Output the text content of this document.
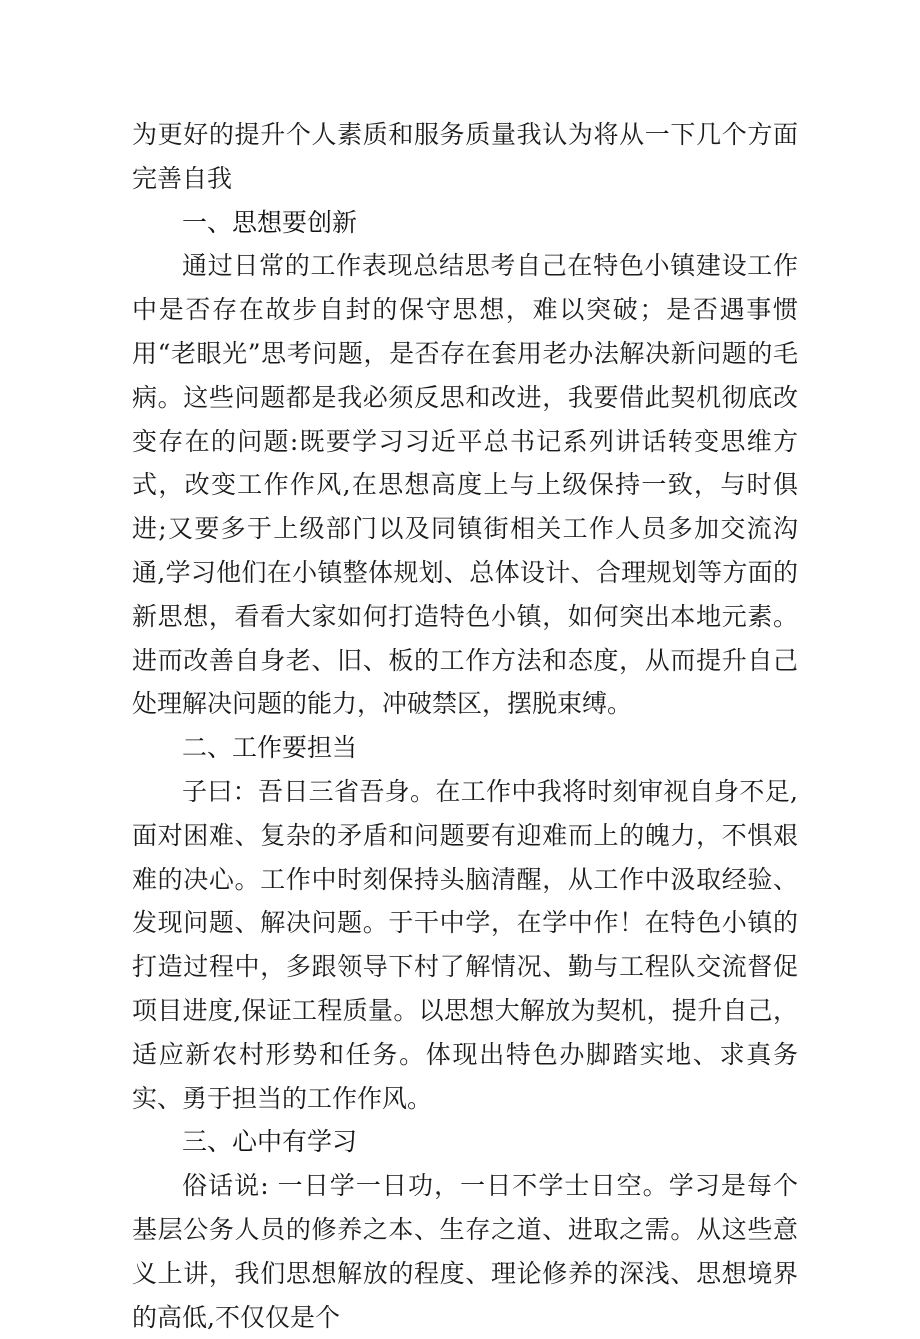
为更好的提升个人素质和服务质量我认为将从一下几个方面完善自我

一、思想要创新

通过日常的工作表现总结思考自己在特色小镇建设工作中是否存在故步自封的保守思想，难以突破；是否遇事惯用“老眼光”思考问题，是否存在套用老办法解决新问题的毛病。这些问题都是我必须反思和改进，我要借此契机彻底改变存在的问题:既要学习习近平总书记系列讲话转变思维方式，改变工作作风,在思想高度上与上级保持一致，与时俱进;又要多于上级部门以及同镇街相关工作人员多加交流沟通,学习他们在小镇整体规划、总体设计、合理规划等方面的新思想，看看大家如何打造特色小镇，如何突出本地元素。进而改善自身老、旧、板的工作方法和态度，从而提升自己处理解决问题的能力，冲破禁区，摆脱束缚。

二、工作要担当

子曰：吾日三省吾身。在工作中我将时刻审视自身不足,面对困难、复杂的矛盾和问题要有迎难而上的魄力，不惧艰难的决心。工作中时刻保持头脑清醒，从工作中汲取经验、发现问题、解决问题。于干中学，在学中作！在特色小镇的打造过程中，多跟领导下村了解情况、勤与工程队交流督促项目进度,保证工程质量。以思想大解放为契机，提升自己，适应新农村形势和任务。体现出特色办脚踏实地、求真务实、勇于担当的工作作风。

三、心中有学习

俗话说: 一日学一日功，一日不学士日空。学习是每个基层公务人员的修养之本、生存之道、进取之需。从这些意义上讲，我们思想解放的程度、理论修养的深浅、思想境界的高低,不仅仅是个
